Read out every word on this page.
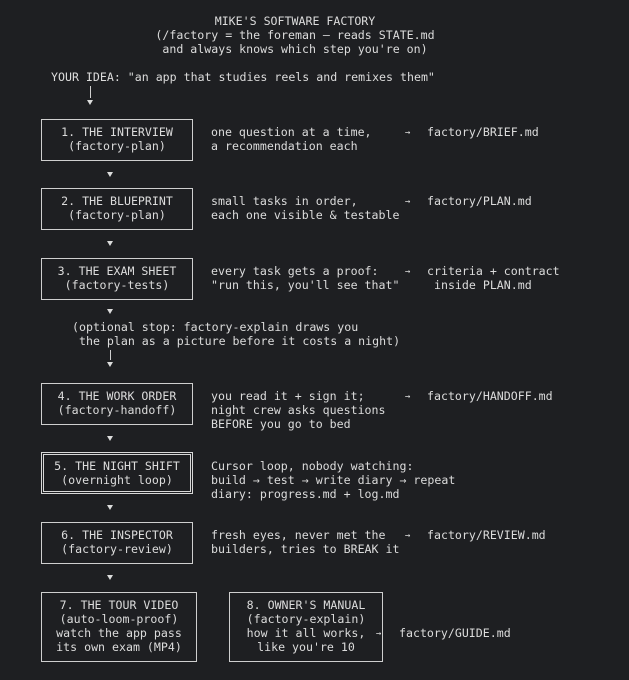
MIKE'S SOFTWARE FACTORY
(/factory = the foreman — reads STATE.md
and always knows which step you're on)
YOUR IDEA: "an app that studies reels and remixes them"
1. THE INTERVIEW
(factory-plan)
one question at a time,
a recommendation each
→ factory/BRIEF.md
2. THE BLUEPRINT
(factory-plan)
small tasks in order,
each one visible & testable
→ factory/PLAN.md
3. THE EXAM SHEET
(factory-tests)
every task gets a proof:
"run this, you'll see that"
→ criteria + contract
inside PLAN.md
(optional stop: factory-explain draws you
the plan as a picture before it costs a night)
4. THE WORK ORDER
(factory-handoff)
you read it + sign it;
night crew asks questions
BEFORE you go to bed
→ factory/HANDOFF.md
5. THE NIGHT SHIFT
(overnight loop)
Cursor loop, nobody watching:
build → test → write diary → repeat
diary: progress.md + log.md
6. THE INSPECTOR
(factory-review)
fresh eyes, never met the
builders, tries to BREAK it
→ factory/REVIEW.md
7. THE TOUR VIDEO
(auto-loom-proof)
watch the app pass
its own exam (MP4)
8. OWNER'S MANUAL
(factory-explain)
how it all works,
like you're 10
→ factory/GUIDE.md
